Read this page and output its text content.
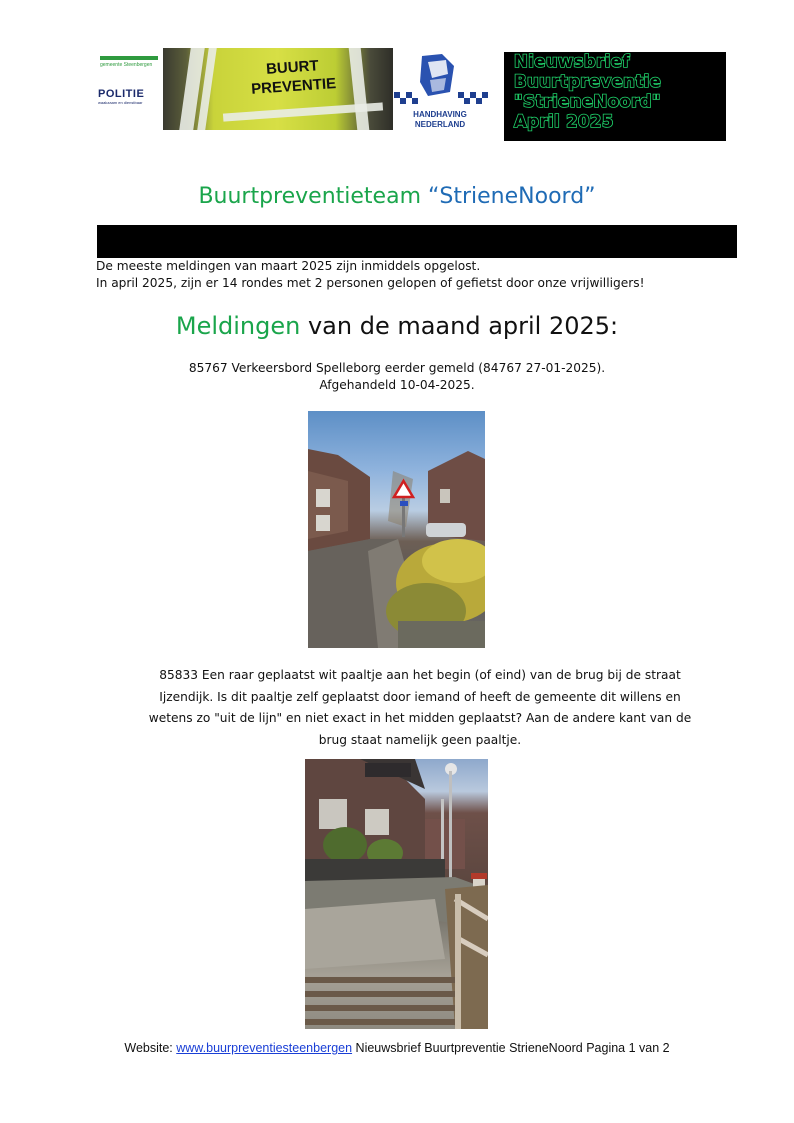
gemeente Steenbergen
POLITIE
waakzaam en dienstbaar
BUURT
PREVENTIE
HANDHAVING
NEDERLAND
Nieuwsbrief
Buurtpreventie
"StrieneNoord"
April 2025
Buurtpreventieteam “StrieneNoord”
De meeste meldingen van maart 2025 zijn inmiddels opgelost.
In april 2025, zijn er 14 rondes met 2 personen gelopen of gefietst door onze vrijwilligers!
Meldingen van de maand april 2025:
85767 Verkeersbord Spelleborg eerder gemeld (84767 27-01-2025).
Afgehandeld 10-04-2025.
85833 Een raar geplaatst wit paaltje aan het begin (of eind) van de brug bij de straat Ijzendijk. Is dit paaltje zelf geplaatst door iemand of heeft de gemeente dit willens en wetens zo "uit de lijn" en niet exact in het midden geplaatst? Aan de andere kant van de brug staat namelijk geen paaltje.
Website: www.buurpreventiesteenbergen Nieuwsbrief Buurtpreventie StrieneNoord Pagina 1 van 2
